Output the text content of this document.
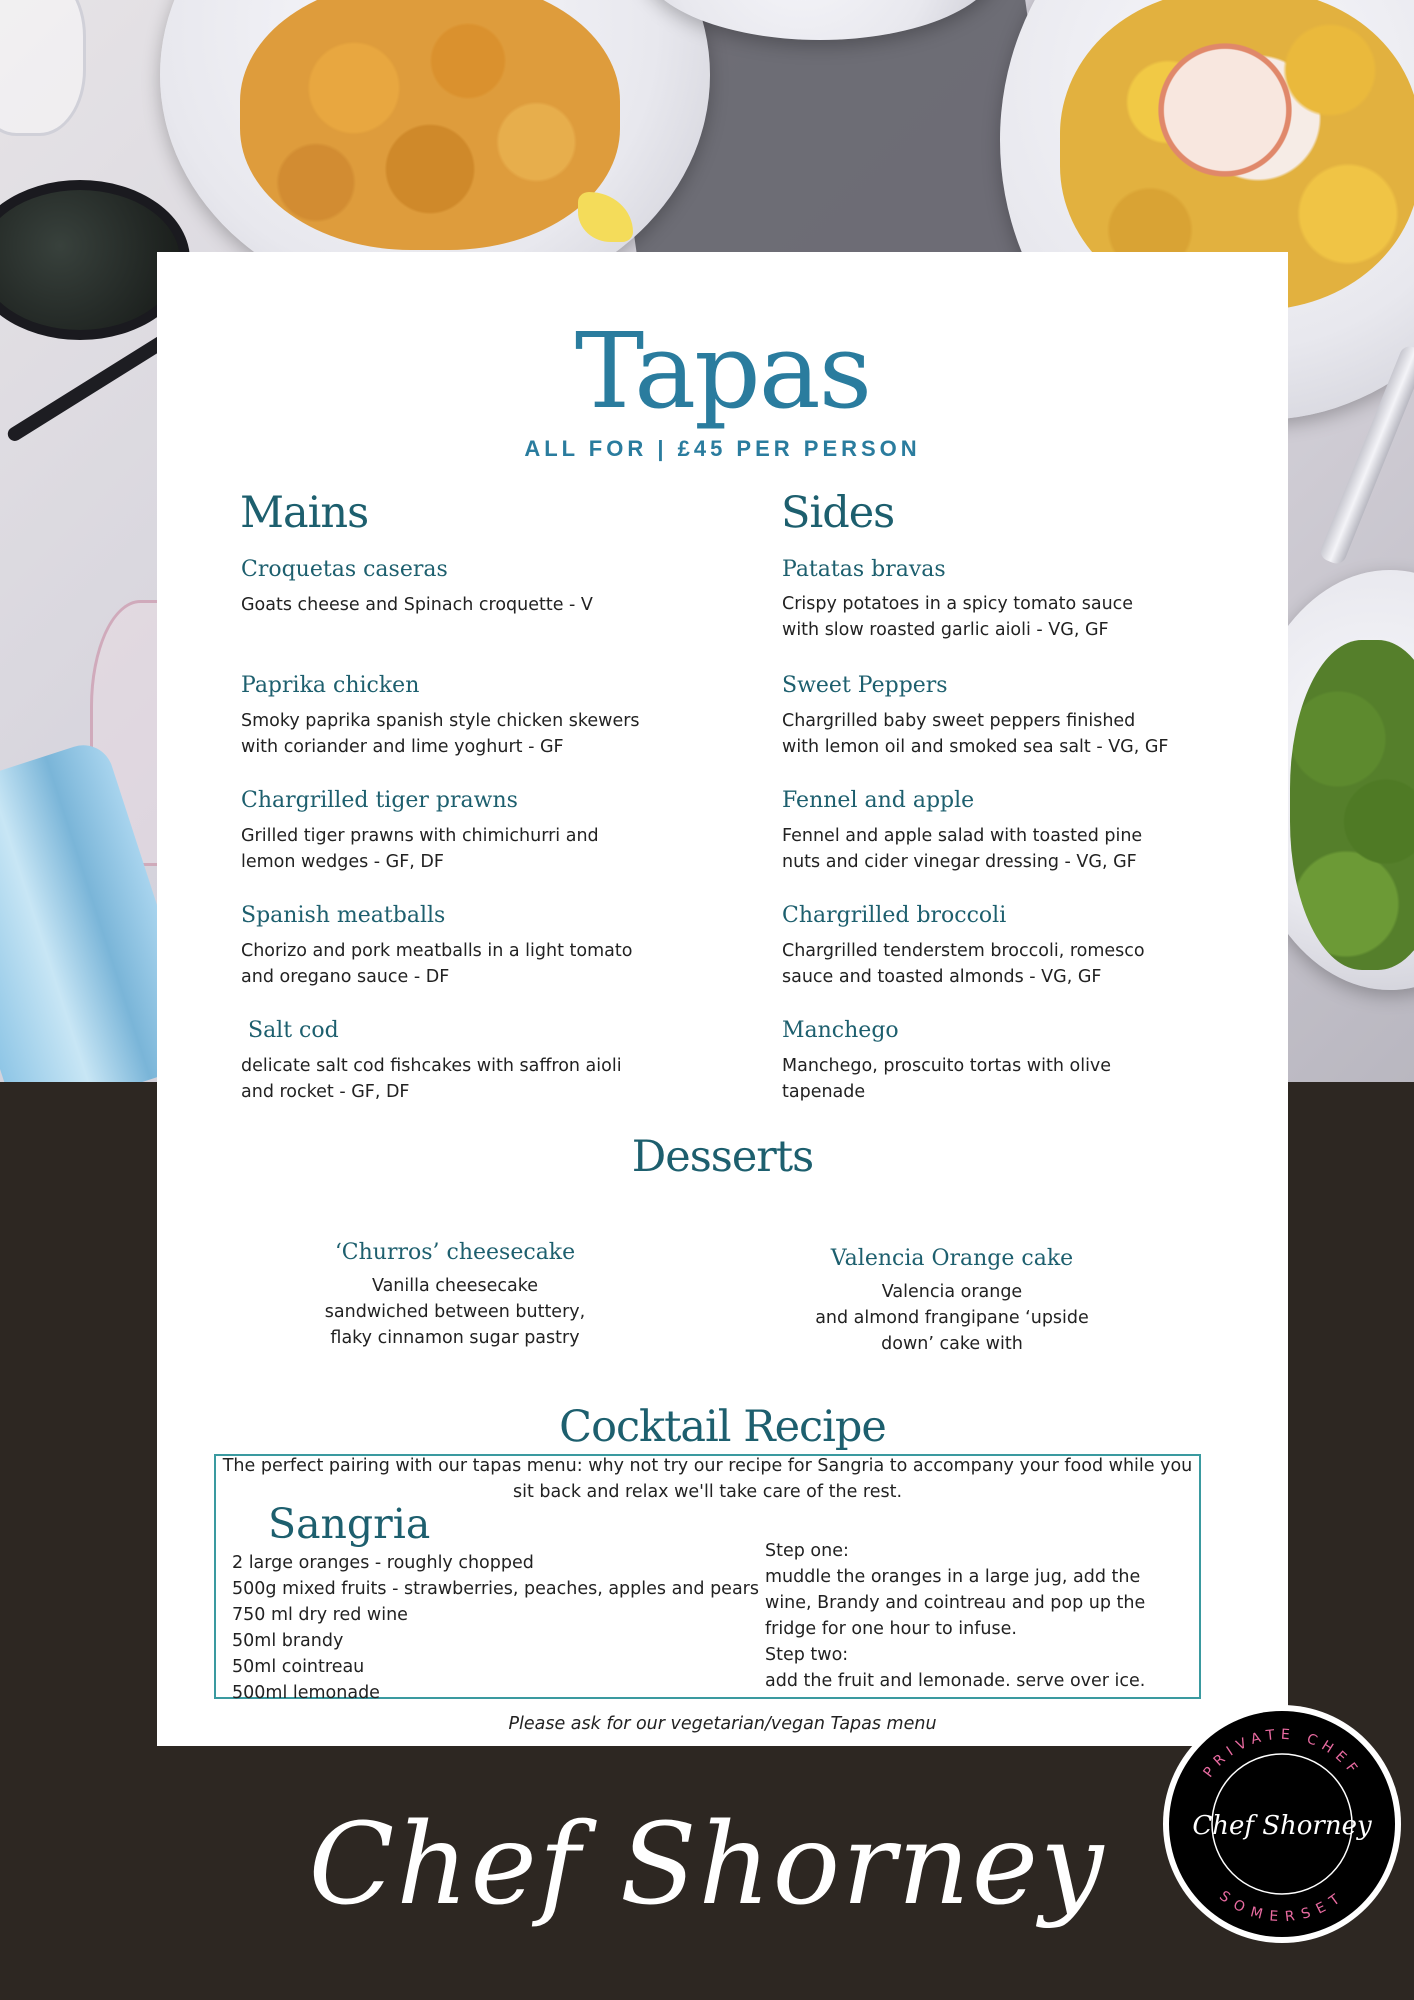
Tapas
ALL FOR | £45 PER PERSON
Mains
Croquetas caseras
Goats cheese and Spinach croquette - V
Paprika chicken
Smoky paprika spanish style chicken skewers with coriander and lime yoghurt - GF
Chargrilled tiger prawns
Grilled tiger prawns with chimichurri and lemon wedges - GF, DF
Spanish meatballs
Chorizo and pork meatballs in a light tomato and oregano sauce - DF
Salt cod
delicate salt cod fishcakes with saffron aioli and rocket - GF, DF
Sides
Patatas bravas
Crispy potatoes in a spicy tomato sauce with slow roasted garlic aioli - VG, GF
Sweet Peppers
Chargrilled baby sweet peppers finished with lemon oil and smoked sea salt - VG, GF
Fennel and apple
Fennel and apple salad with toasted pine nuts and cider vinegar dressing - VG, GF
Chargrilled broccoli
Chargrilled tenderstem broccoli, romesco sauce and toasted almonds - VG, GF
Manchego
Manchego, proscuito tortas with olive tapenade
Desserts
‘Churros’ cheesecake
Vanilla cheesecake
sandwiched between buttery,
flaky cinnamon sugar pastry
Valencia Orange cake
Valencia orange
and almond frangipane ‘upside
down’ cake with
Cocktail Recipe
The perfect pairing with our tapas menu: why not try our recipe for Sangria to accompany your food while you sit back and relax we'll take care of the rest.
Sangria
2 large oranges - roughly chopped
500g mixed fruits - strawberries, peaches, apples and pears
750 ml dry red wine
50ml brandy
50ml cointreau
500ml lemonade
Step one:
muddle the oranges in a large jug, add the wine, Brandy and cointreau and pop up the fridge for one hour to infuse.
Step two:
add the fruit and lemonade. serve over ice.
Please ask for our vegetarian/vegan Tapas menu
Chef Shorney
PRIVATE CHEF
SOMERSET
Chef Shorney
